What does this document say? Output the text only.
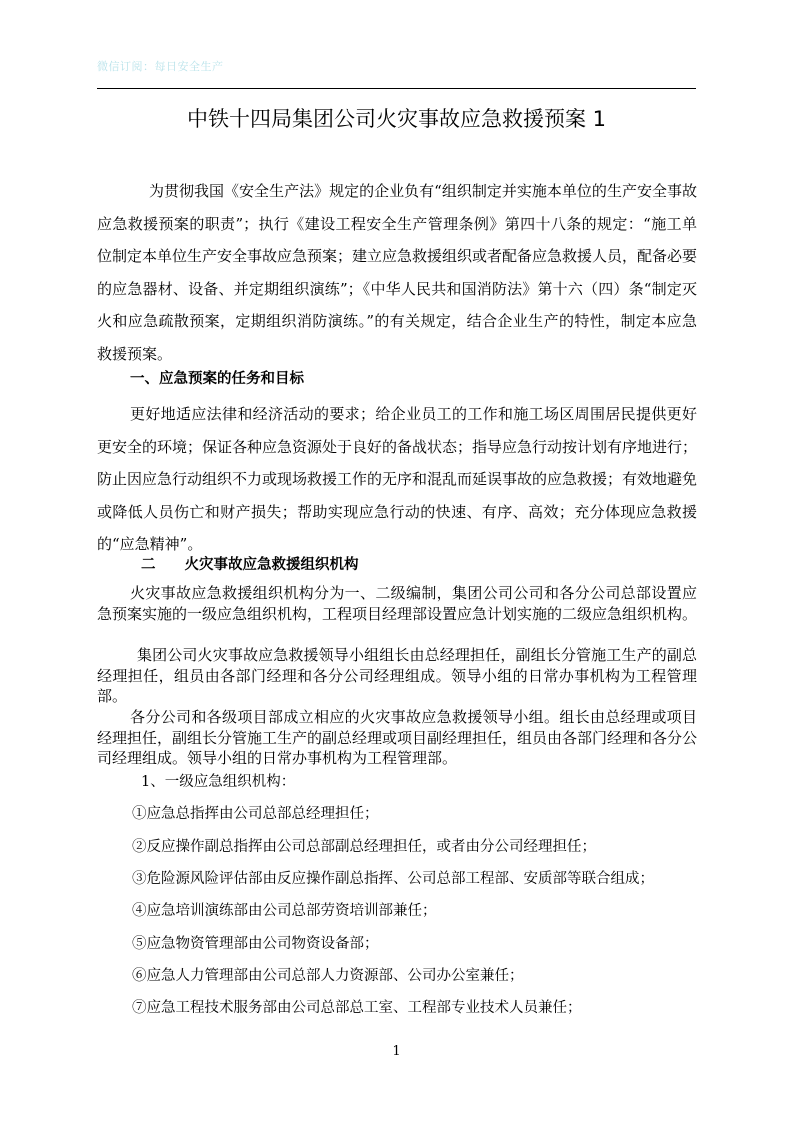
微信订阅：每日安全生产
中铁十四局集团公司火灾事故应急救援预案 1
为贯彻我国《安全生产法》规定的企业负有“组织制定并实施本单位的生产安全事故应急救援预案的职责”；执行《建设工程安全生产管理条例》第四十八条的规定：“施工单位制定本单位生产安全事故应急预案；建立应急救援组织或者配备应急救援人员，配备必要的应急器材、设备、并定期组织演练”；《中华人民共和国消防法》第十六（四）条“制定灭火和应急疏散预案，定期组织消防演练。”的有关规定，结合企业生产的特性，制定本应急救援预案。
一、应急预案的任务和目标
更好地适应法律和经济活动的要求；给企业员工的工作和施工场区周围居民提供更好更安全的环境；保证各种应急资源处于良好的备战状态；指导应急行动按计划有序地进行；防止因应急行动组织不力或现场救援工作的无序和混乱而延误事故的应急救援；有效地避免或降低人员伤亡和财产损失；帮助实现应急行动的快速、有序、高效；充分体现应急救援的“应急精神”。
二　　火灾事故应急救援组织机构
火灾事故应急救援组织机构分为一、二级编制，集团公司公司和各分公司总部设置应急预案实施的一级应急组织机构，工程项目经理部设置应急计划实施的二级应急组织机构。
集团公司火灾事故应急救援领导小组组长由总经理担任，副组长分管施工生产的副总经理担任，组员由各部门经理和各分公司经理组成。领导小组的日常办事机构为工程管理部。
各分公司和各级项目部成立相应的火灾事故应急救援领导小组。组长由总经理或项目经理担任，副组长分管施工生产的副总经理或项目副经理担任，组员由各部门经理和各分公司经理组成。领导小组的日常办事机构为工程管理部。
1、一级应急组织机构：
①应急总指挥由公司总部总经理担任；
②反应操作副总指挥由公司总部副总经理担任，或者由分公司经理担任；
③危险源风险评估部由反应操作副总指挥、公司总部工程部、安质部等联合组成；
④应急培训演练部由公司总部劳资培训部兼任；
⑤应急物资管理部由公司物资设备部；
⑥应急人力管理部由公司总部人力资源部、公司办公室兼任；
⑦应急工程技术服务部由公司总部总工室、工程部专业技术人员兼任；
1
